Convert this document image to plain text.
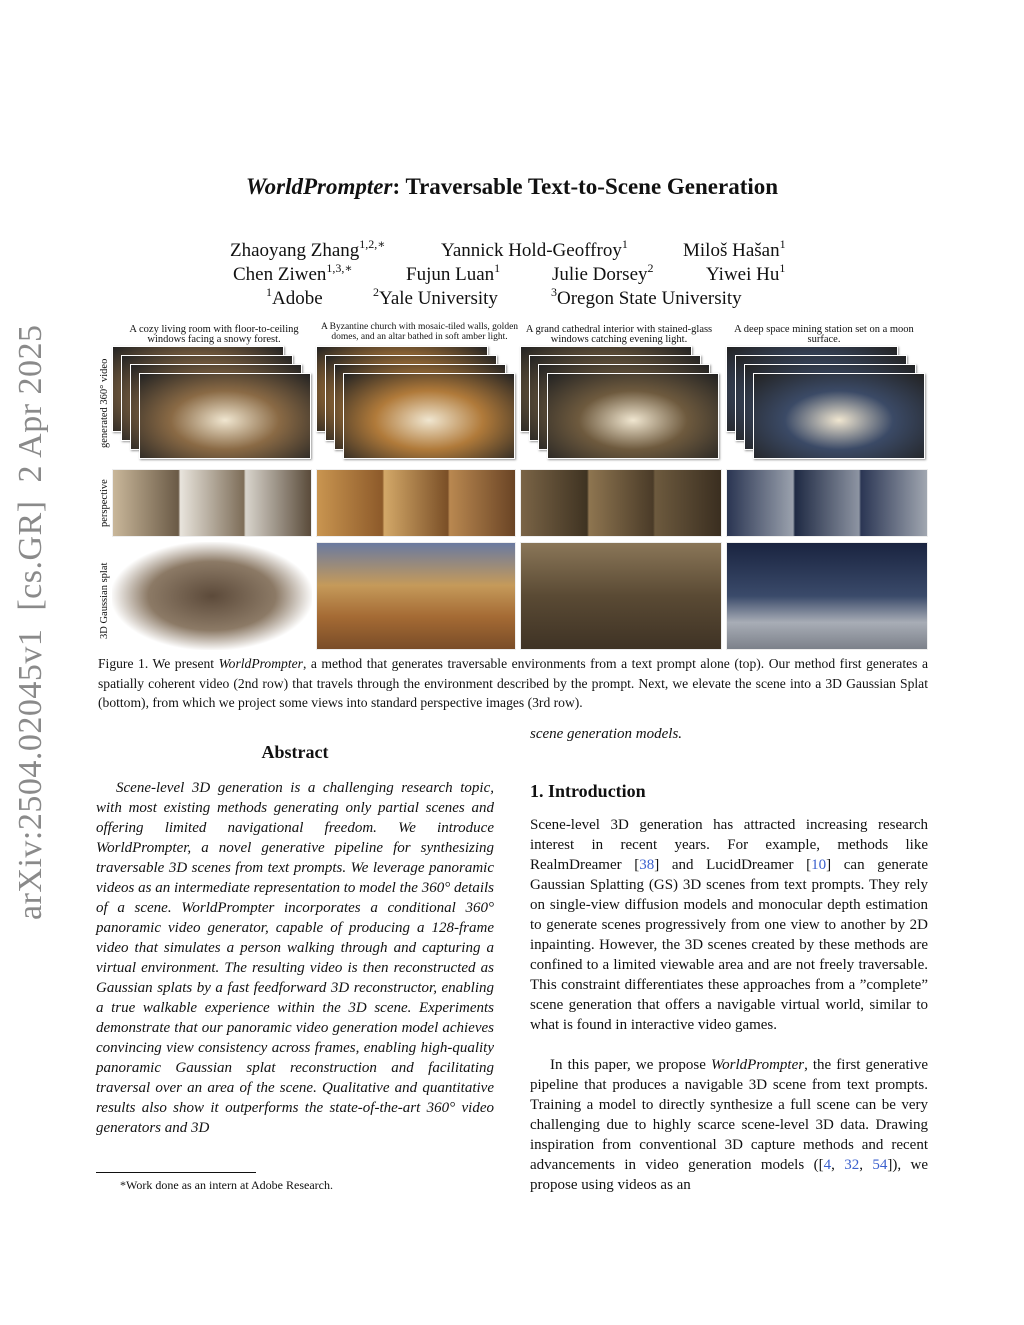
arXiv:2504.02045v1  [cs.GR]  2 Apr 2025
WorldPrompter: Traversable Text-to-Scene Generation
Zhaoyang Zhang$^{1,2,∗}$	Yannick Hold-Geoffroy$^1$	Miloš Hašan$^1$
Chen Ziwen$^{1,3,∗}$	Fujun Luan$^1$	Julie Dorsey$^2$	Yiwei Hu$^1$
$^1$Adobe	$^2$Yale University	$^3$Oregon State University
A cozy living room with floor-to-ceiling windows facing a snowy forest.
A Byzantine church with mosaic-tiled walls, golden domes, and an altar bathed in soft amber light.
A grand cathedral interior with stained-glass windows catching evening light.
A deep space mining station set on a moon surface.
generated 360° video
perspective
3D Gaussian splat
Figure 1. We present WorldPrompter, a method that generates traversable environments from a text prompt alone (top). Our method first generates a spatially coherent video (2nd row) that travels through the environment described by the prompt. Next, we elevate the scene into a 3D Gaussian Splat (bottom), from which we project some views into standard perspective images (3rd row).
Abstract
Scene-level 3D generation is a challenging research topic, with most existing methods generating only partial scenes and offering limited navigational freedom. We introduce WorldPrompter, a novel generative pipeline for synthesizing traversable 3D scenes from text prompts. We leverage panoramic videos as an intermediate representation to model the 360° details of a scene. WorldPrompter incorporates a conditional 360° panoramic video generator, capable of producing a 128-frame video that simulates a person walking through and capturing a virtual environment. The resulting video is then reconstructed as Gaussian splats by a fast feedforward 3D reconstructor, enabling a true walkable experience within the 3D scene. Experiments demonstrate that our panoramic video generation model achieves convincing view consistency across frames, enabling high-quality panoramic Gaussian splat reconstruction and facilitating traversal over an area of the scene. Qualitative and quantitative results also show it outperforms the state-of-the-art 360° video generators and 3D
*Work done as an intern at Adobe Research.
scene generation models.
1. Introduction
Scene-level 3D generation has attracted increasing research interest in recent years. For example, methods like RealmDreamer [38] and LucidDreamer [10] can generate Gaussian Splatting (GS) 3D scenes from text prompts. They rely on single-view diffusion models and monocular depth estimation to generate scenes progressively from one view to another by 2D inpainting. However, the 3D scenes created by these methods are confined to a limited viewable area and are not freely traversable. This constraint differentiates these approaches from a ”complete” scene generation that offers a navigable virtual world, similar to what is found in interactive video games.
In this paper, we propose WorldPrompter, the first generative pipeline that produces a navigable 3D scene from text prompts. Training a model to directly synthesize a full scene can be very challenging due to highly scarce scene-level 3D data. Drawing inspiration from conventional 3D capture methods and recent advancements in video generation models ([4, 32, 54]), we propose using videos as an
